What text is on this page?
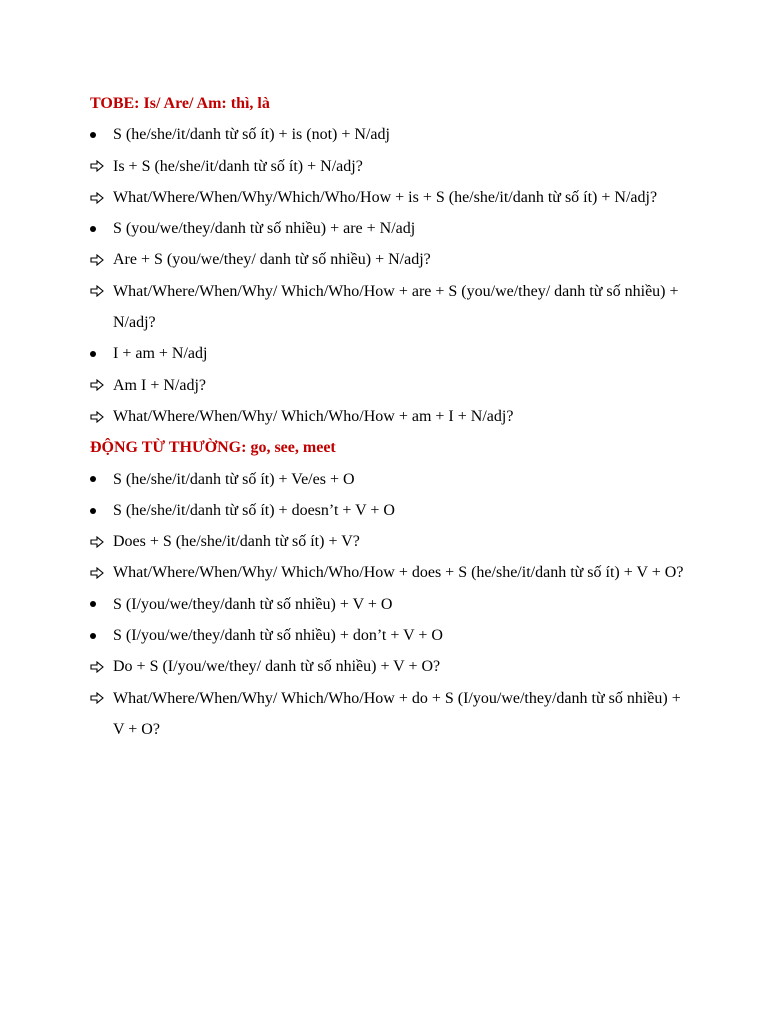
TOBE: Is/ Are/ Am: thì, là
S (he/she/it/danh từ số ít) + is (not) + N/adj
Is + S (he/she/it/danh từ số ít) + N/adj?
What/Where/When/Why/Which/Who/How + is + S (he/she/it/danh từ số ít) + N/adj?
S (you/we/they/danh từ số nhiều) + are + N/adj
Are + S (you/we/they/ danh từ số nhiều) + N/adj?
What/Where/When/Why/ Which/Who/How + are + S (you/we/they/ danh từ số nhiều) + N/adj?
I + am + N/adj
Am I + N/adj?
What/Where/When/Why/ Which/Who/How + am + I + N/adj?
ĐỘNG TỪ THƯỜNG: go, see, meet
S (he/she/it/danh từ số ít) + Ve/es + O
S (he/she/it/danh từ số ít) + doesn’t + V + O
Does + S (he/she/it/danh từ số ít) + V?
What/Where/When/Why/ Which/Who/How + does + S (he/she/it/danh từ số ít) + V + O?
S (I/you/we/they/danh từ số nhiều) + V + O
S (I/you/we/they/danh từ số nhiều) + don’t + V + O
Do + S (I/you/we/they/ danh từ số nhiều) + V + O?
What/Where/When/Why/ Which/Who/How + do + S (I/you/we/they/danh từ số nhiều) + V + O?
